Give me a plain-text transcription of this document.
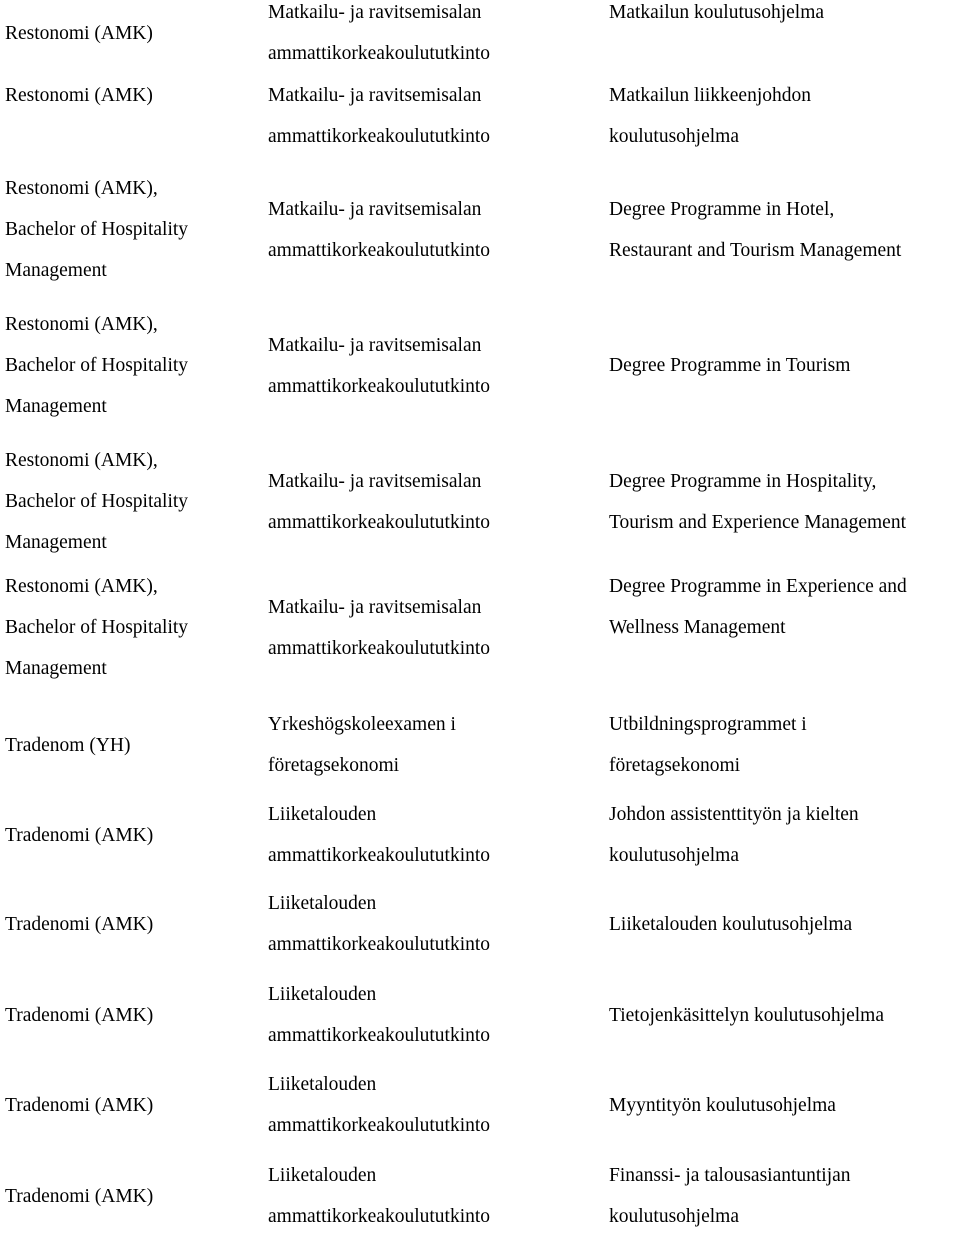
Restonomi (AMK)
Matkailu- ja ravitsemisalan
ammattikorkeakoulututkinto
Matkailun koulutusohjelma
Restonomi (AMK)	Matkailu- ja ravitsemisalan
ammattikorkeakoulututkinto
Matkailun liikkeenjohdon
koulutusohjelma
Restonomi (AMK),
Bachelor of Hospitality
Management
Matkailu- ja ravitsemisalan
ammattikorkeakoulututkinto
Degree Programme in Hotel,
Restaurant and Tourism Management
Restonomi (AMK),
Bachelor of Hospitality
Management
Matkailu- ja ravitsemisalan
ammattikorkeakoulututkinto
Degree Programme in Tourism
Restonomi (AMK),
Bachelor of Hospitality
Management
Matkailu- ja ravitsemisalan
ammattikorkeakoulututkinto
Degree Programme in Hospitality,
Tourism and Experience Management
Restonomi (AMK),
Bachelor of Hospitality
Management
Matkailu- ja ravitsemisalan
ammattikorkeakoulututkinto
Degree Programme in Experience and
Wellness Management
Tradenom (YH)
Yrkeshögskoleexamen i
företagsekonomi
Utbildningsprogrammet i
företagsekonomi
Tradenomi (AMK)
Liiketalouden
ammattikorkeakoulututkinto
Johdon assistenttityön ja kielten
koulutusohjelma
Tradenomi (AMK)
Liiketalouden
ammattikorkeakoulututkinto
Liiketalouden koulutusohjelma
Tradenomi (AMK)
Liiketalouden
ammattikorkeakoulututkinto
Tietojenkäsittelyn koulutusohjelma
Tradenomi (AMK)
Liiketalouden
ammattikorkeakoulututkinto
Myyntityön koulutusohjelma
Tradenomi (AMK)
Liiketalouden
ammattikorkeakoulututkinto
Finanssi- ja talousasiantuntijan
koulutusohjelma
